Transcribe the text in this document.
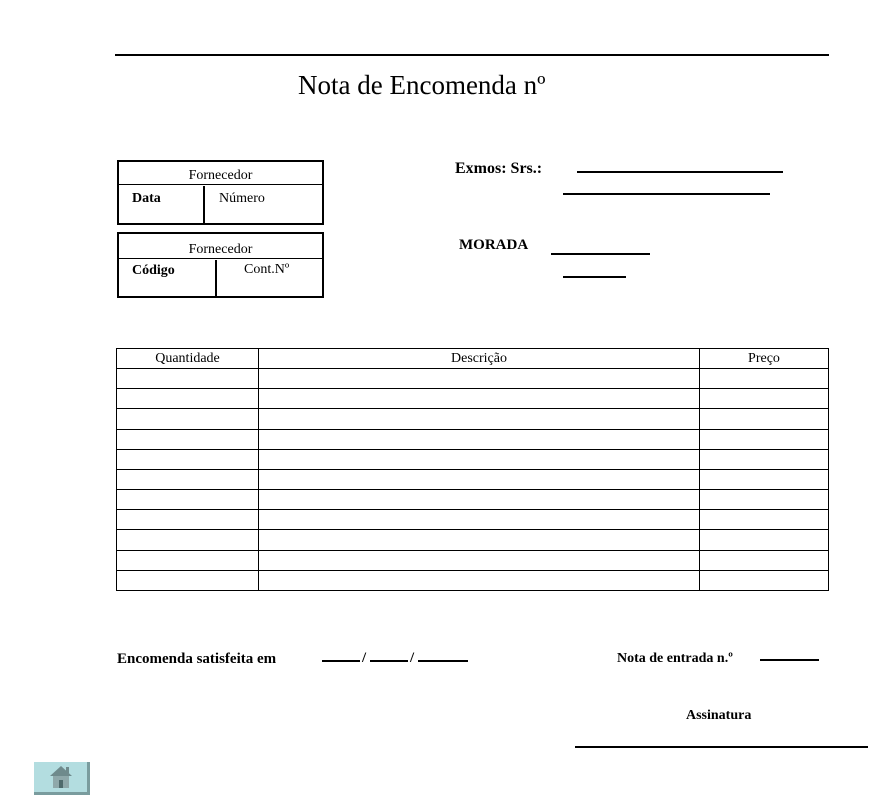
Nota de Encomenda nº
Fornecedor
Data	Número
Fornecedor
Código	Cont.Nº
Exmos: Srs.:
MORADA
Quantidade	Descrição	Preço

Encomenda satisfeita em	/	/	Nota de entrada n.º
Assinatura
